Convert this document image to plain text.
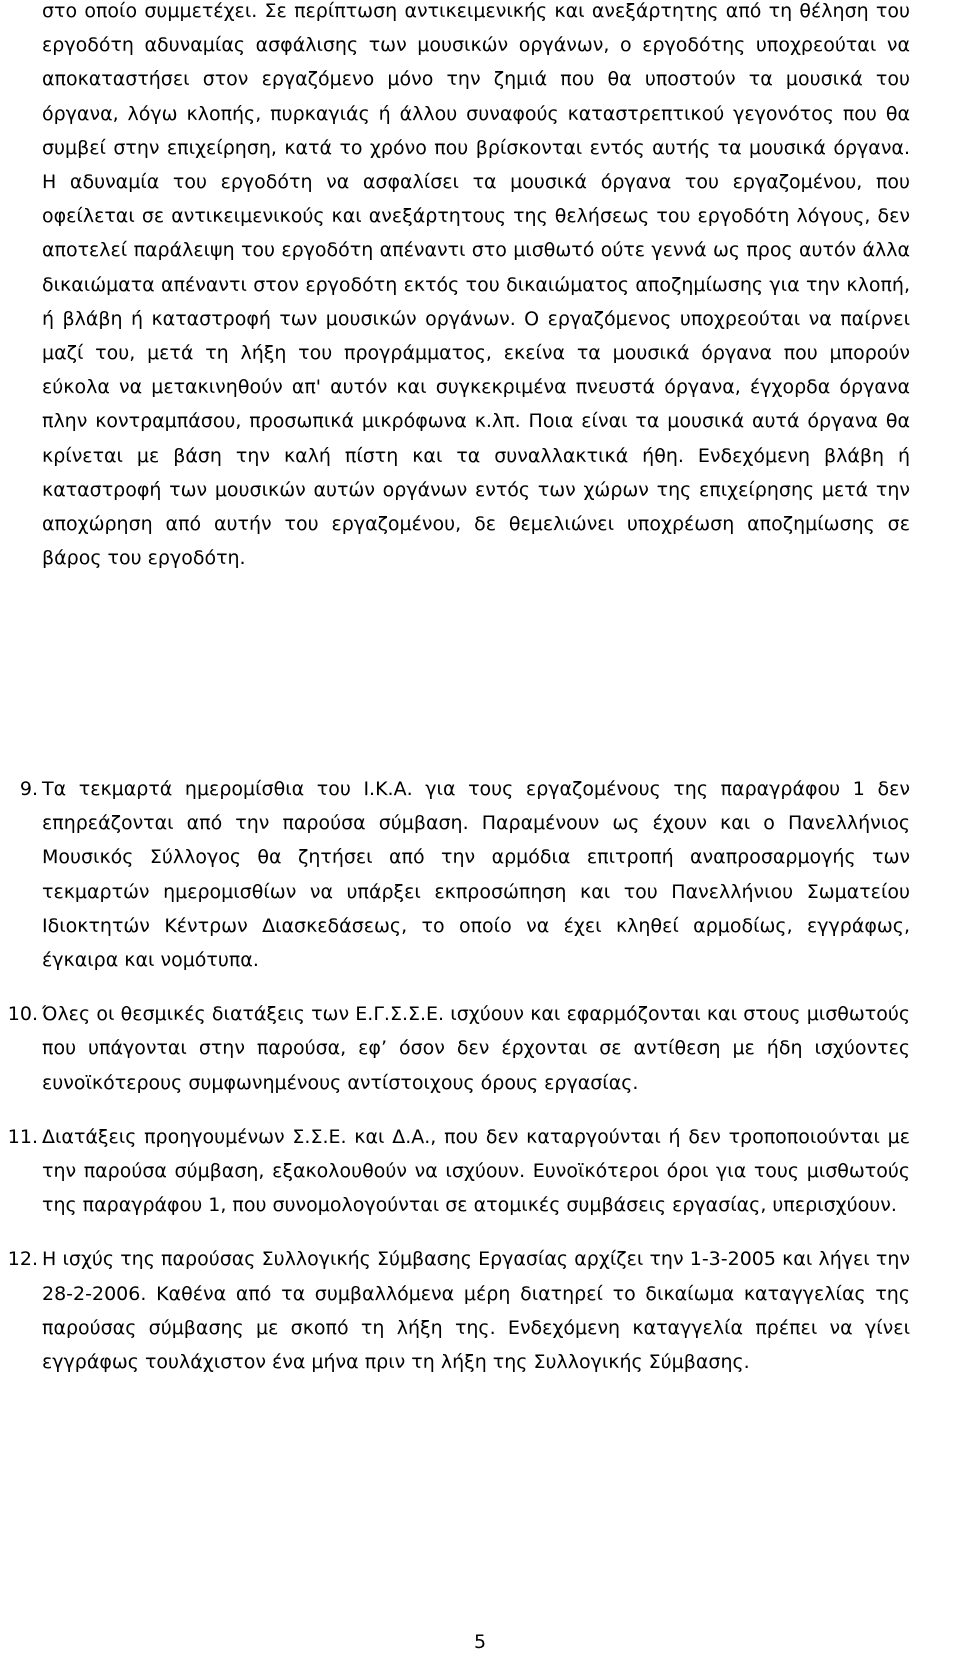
στο οποίο συμμετέχει. Σε περίπτωση αντικειμενικής και ανεξάρτητης από τη θέληση του εργοδότη αδυναμίας ασφάλισης των μουσικών οργάνων, ο εργοδότης υποχρεούται να αποκαταστήσει στον εργαζόμενο μόνο την ζημιά που θα υποστούν τα μουσικά του όργανα, λόγω κλοπής, πυρκαγιάς ή άλλου συναφούς καταστρεπτικού γεγονότος που θα συμβεί στην επιχείρηση, κατά το χρόνο που βρίσκονται εντός αυτής τα μουσικά όργανα. Η αδυναμία του εργοδότη να ασφαλίσει τα μουσικά όργανα του εργαζομένου, που οφείλεται σε αντικειμενικούς και ανεξάρτητους της θελήσεως του εργοδότη λόγους, δεν αποτελεί παράλειψη του εργοδότη απέναντι στο μισθωτό ούτε γεννά ως προς αυτόν άλλα δικαιώματα απέναντι στον εργοδότη εκτός του δικαιώματος αποζημίωσης για την κλοπή, ή βλάβη ή καταστροφή των μουσικών οργάνων. Ο εργαζόμενος υποχρεούται να παίρνει μαζί του, μετά τη λήξη του προγράμματος, εκείνα τα μουσικά όργανα που μπορούν εύκολα να μετακινηθούν απ' αυτόν και συγκεκριμένα πνευστά όργανα, έγχορδα όργανα πλην κοντραμπάσου, προσωπικά μικρόφωνα κ.λπ. Ποια είναι τα μουσικά αυτά όργανα θα κρίνεται με βάση την καλή πίστη και τα συναλλακτικά ήθη. Ενδεχόμενη βλάβη ή καταστροφή των μουσικών αυτών οργάνων εντός των χώρων της επιχείρησης μετά την αποχώρηση από αυτήν του εργαζομένου, δε θεμελιώνει υποχρέωση αποζημίωσης σε βάρος του εργοδότη.

9. Τα τεκμαρτά ημερομίσθια του Ι.Κ.Α. για τους εργαζομένους της παραγράφου 1 δεν επηρεάζονται από την παρούσα σύμβαση. Παραμένουν ως έχουν και ο Πανελλήνιος Μουσικός Σύλλογος θα ζητήσει από την αρμόδια επιτροπή αναπροσαρμογής των τεκμαρτών ημερομισθίων να υπάρξει εκπροσώπηση και του Πανελλήνιου Σωματείου Ιδιοκτητών Κέντρων Διασκεδάσεως, το οποίο να έχει κληθεί αρμοδίως, εγγράφως, έγκαιρα και νομότυπα.

10. Όλες οι θεσμικές διατάξεις των Ε.Γ.Σ.Σ.Ε. ισχύουν και εφαρμόζονται και στους μισθωτούς που υπάγονται στην παρούσα, εφ’ όσον δεν έρχονται σε αντίθεση με ήδη ισχύοντες ευνοϊκότερους συμφωνημένους αντίστοιχους όρους εργασίας.

11. Διατάξεις προηγουμένων Σ.Σ.Ε. και Δ.Α., που δεν καταργούνται ή δεν τροποποιούνται με την παρούσα σύμβαση, εξακολουθούν να ισχύουν. Ευνοϊκότεροι όροι για τους μισθωτούς της παραγράφου 1, που συνομολογούνται σε ατομικές συμβάσεις εργασίας, υπερισχύουν.

12. Η ισχύς της παρούσας Συλλογικής Σύμβασης Εργασίας αρχίζει την 1-3-2005 και λήγει την 28-2-2006. Καθένα από τα συμβαλλόμενα μέρη διατηρεί το δικαίωμα καταγγελίας της παρούσας σύμβασης με σκοπό τη λήξη της. Ενδεχόμενη καταγγελία πρέπει να γίνει εγγράφως τουλάχιστον ένα μήνα πριν τη λήξη της Συλλογικής Σύμβασης.

5
